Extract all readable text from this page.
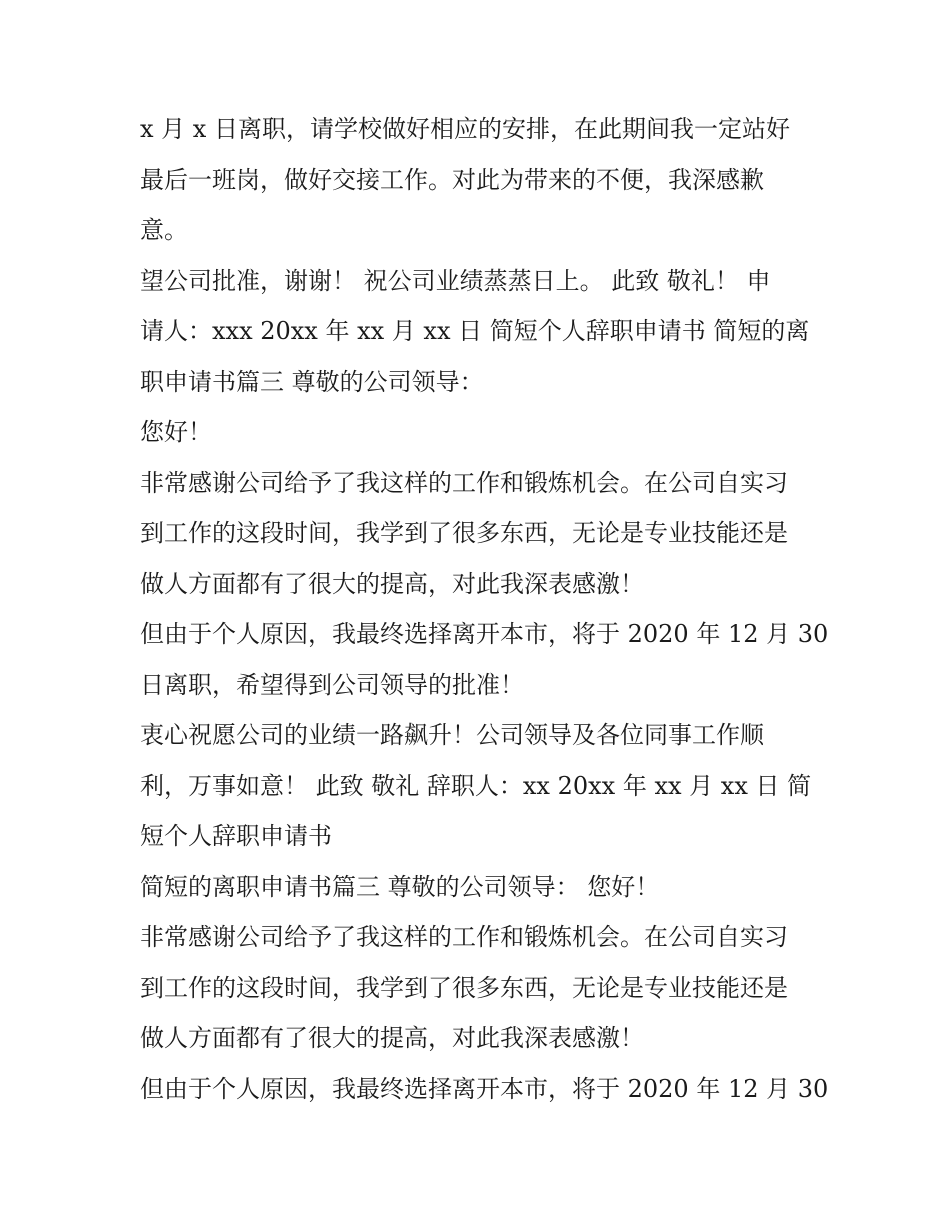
x 月 x 日离职，请学校做好相应的安排，在此期间我一定站好
最后一班岗，做好交接工作。对此为带来的不便，我深感歉
意。
望公司批准，谢谢！ 祝公司业绩蒸蒸日上。 此致 敬礼！ 申
请人：xxx 20xx 年 xx 月 xx 日 简短个人辞职申请书 简短的离
职申请书篇三 尊敬的公司领导：
您好！
非常感谢公司给予了我这样的工作和锻炼机会。在公司自实习
到工作的这段时间，我学到了很多东西，无论是专业技能还是
做人方面都有了很大的提高，对此我深表感激！
但由于个人原因，我最终选择离开本市，将于 2020 年 12 月 30
日离职，希望得到公司领导的批准！
衷心祝愿公司的业绩一路飙升！公司领导及各位同事工作顺
利，万事如意！ 此致 敬礼 辞职人：xx 20xx 年 xx 月 xx 日 简
短个人辞职申请书
简短的离职申请书篇三 尊敬的公司领导： 您好！
非常感谢公司给予了我这样的工作和锻炼机会。在公司自实习
到工作的这段时间，我学到了很多东西，无论是专业技能还是
做人方面都有了很大的提高，对此我深表感激！
但由于个人原因，我最终选择离开本市，将于 2020 年 12 月 30
